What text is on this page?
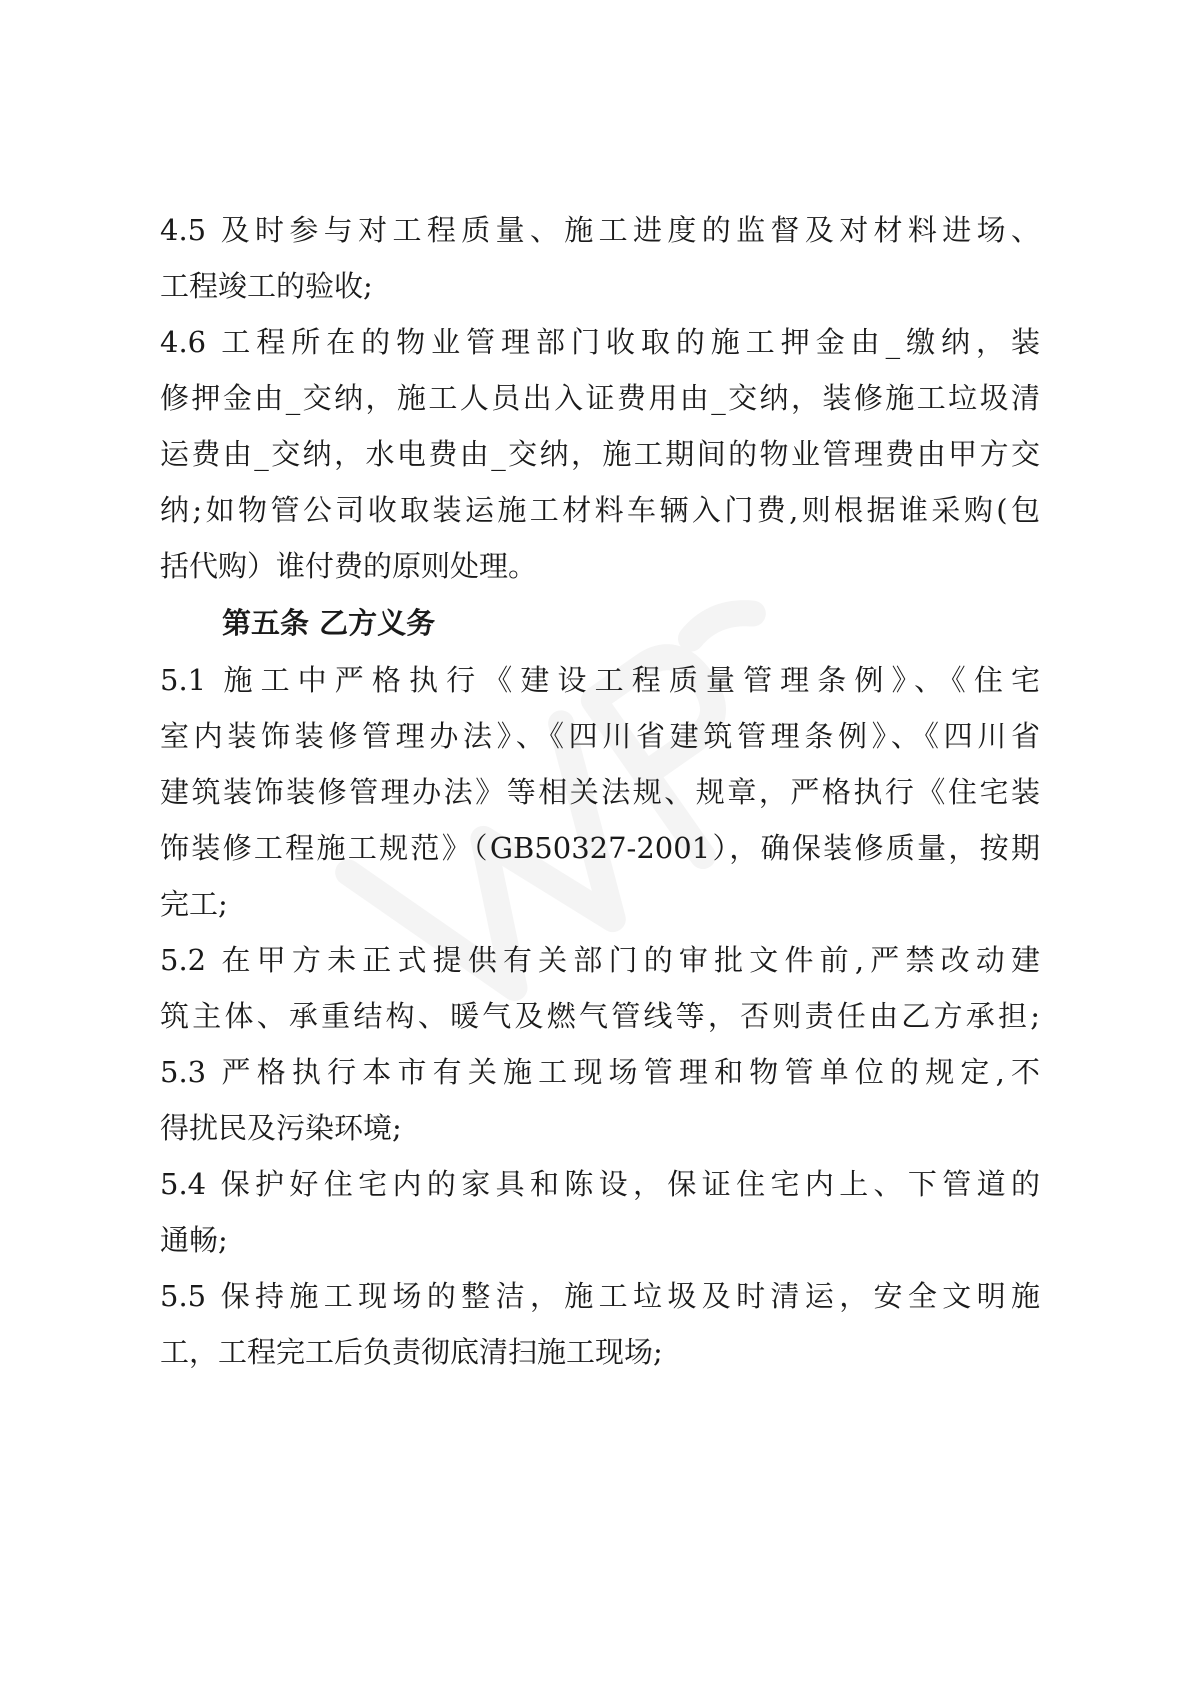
4.5 及时参与对工程质量、施工进度的监督及对材料进场、
工程竣工的验收;
4.6 工程所在的物业管理部门收取的施工押金由_缴纳，装
修押金由_交纳，施工人员出入证费用由_交纳，装修施工垃圾清
运费由_交纳，水电费由_交纳，施工期间的物业管理费由甲方交
纳;如物管公司收取装运施工材料车辆入门费,则根据谁采购(包
括代购）谁付费的原则处理。
第五条 乙方义务
5.1 施工中严格执行《建设工程质量管理条例》、《住宅
室内装饰装修管理办法》、《四川省建筑管理条例》、《四川省
建筑装饰装修管理办法》等相关法规、规章，严格执行《住宅装
饰装修工程施工规范》（GB50327-2001），确保装修质量，按期
完工;
5.2 在甲方未正式提供有关部门的审批文件前,严禁改动建
筑主体、承重结构、暖气及燃气管线等，否则责任由乙方承担;
5.3 严格执行本市有关施工现场管理和物管单位的规定,不
得扰民及污染环境;
5.4 保护好住宅内的家具和陈设，保证住宅内上、下管道的
通畅;
5.5 保持施工现场的整洁，施工垃圾及时清运，安全文明施
工，工程完工后负责彻底清扫施工现场;
